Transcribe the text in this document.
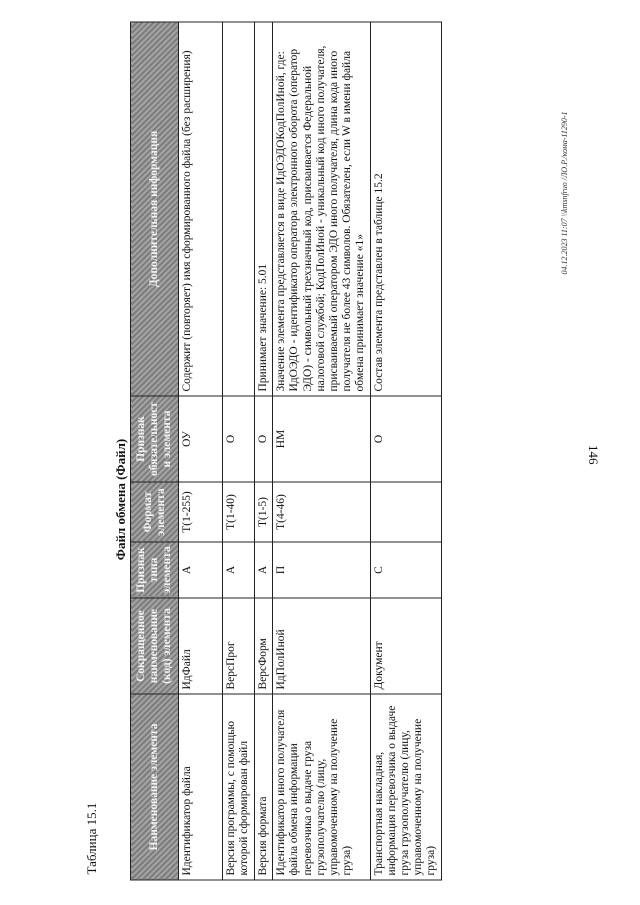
146
Таблица 15.1
Файл обмена (Файл)
Наименование элемента	Сокращенное наименование (код) элемента	Признак типа элемента	Формат элемента	Признак обязательности элемента	Дополнительная информация
Идентификатор файла	ИдФайл	А	T(1-255)	ОУ	Содержит (повторяет) имя сформированного файла (без расширения)
Версия программы, с помощью которой сформирован файл	ВерсПрог	А	T(1-40)	О	
Версия формата	ВерсФорм	А	T(1-5)	О	Принимает значение: 5.01
Идентификатор иного получателя файла обмена информации перевозчика о выдаче груза грузополучателю (лицу, управомоченному на получение груза)	ИдПолИной	П	T(4-46)	НМ	Значение элемента представляется в виде ИдОЭДОКодПолИной, где: ИдОЭДО - идентификатор оператора электронного оборота (оператор ЭДО) - символьный трехзначный код, присваивается Федеральной налоговой службой; КодПолИной - уникальный код иного получателя, присваиваемый оператором ЭДО иного получателя, длина кода иного получателя не более 43 символов. Обязателен, если W в имени файла обмена принимает значение «1»
Транспортная накладная, информация перевозчика о выдаче груза грузополучателю (лицу, управомоченному на получение груза)	Документ	С		О	Состав элемента представлен в таблице 15.2	04.12.2023 11:07 \\kmsnfruo /ЛО.Р./кома-11290-1
